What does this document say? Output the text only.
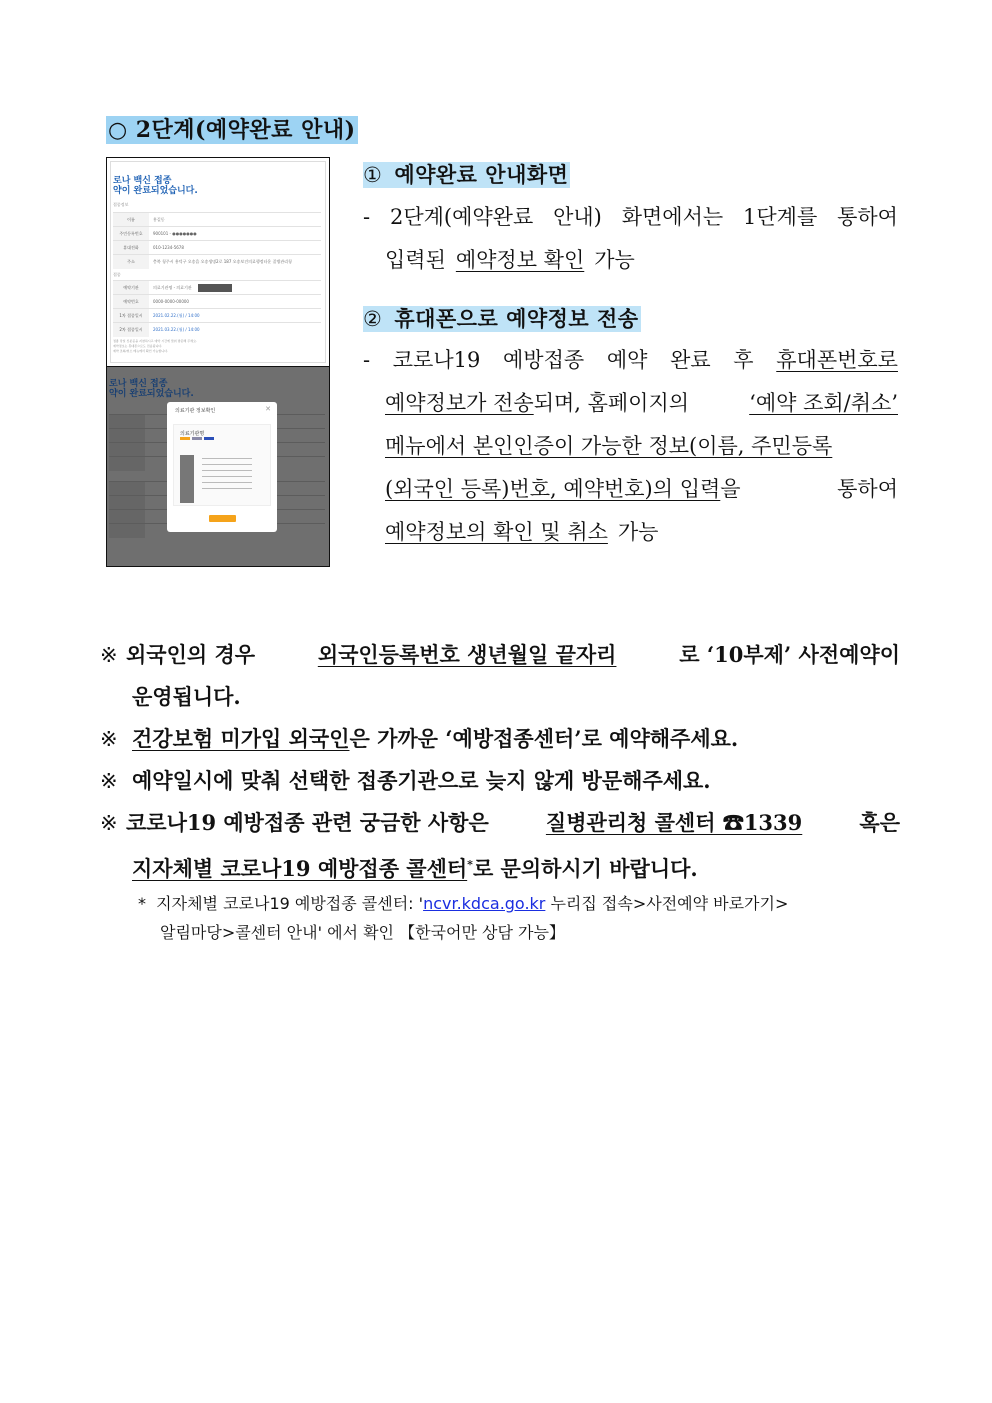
○ 2단계(예약완료 안내)
로나 백신 접종
약이 완료되었습니다.
접종정보
이름	홍길동
주민등록번호	900101 - ●●●●●●●
휴대전화	010-1234-5678
주소	충북 청주시 흥덕구 오송읍 오송생명2로 187 오송보건의료행정타운 질병관리청
접종
예약기관	의료기관명 - 의료기관
예약번호	0000-0000-00000
1차 접종일시	2021.02.22.(월) / 14:00
2차 접종일시	2021.03.22.(월) / 14:00
접종 당일 신분증을 지참하시고 예약 시간에 맞춰 방문해 주세요.
예약정보는 휴대폰으로도 전송됩니다.
예약 조회/취소 메뉴에서 확인 가능합니다.
로나 백신 접종
약이 완료되었습니다.
의료기관 정보확인	✕
의료기관명
① 예약완료 안내화면
- 2단계(예약완료 안내) 화면에서는 1단계를 통하여
입력된 예약정보 확인 가능
② 휴대폰으로 예약정보 전송
- 코로나19 예방접종 예약 완료 후 휴대폰번호로
예약정보가 전송되며, 홈페이지의	‘예약 조회/취소’
메뉴에서 본인인증이 가능한 정보(이름, 주민등록
(외국인 등록)번호, 예약번호)의 입력을	통하여
예약정보의 확인 및 취소 가능
※ 외국인의 경우	외국인등록번호 생년월일 끝자리	로 ‘10부제’ 사전예약이
운영됩니다.
※ 건강보험 미가입 외국인 은 가까운 ‘예방접종센터’로 예약해주세요.
※ 예약일시에 맞춰 선택한 접종기관으로 늦지 않게 방문해주세요.
※ 코로나19 예방접종 관련 궁금한 사항은	질병관리청 콜센터 ☎1339	혹은
지자체별 코로나19 예방접종 콜센터*로 문의하시기 바랍니다.
* 지자체별 코로나19 예방접종 콜센터: 'ncvr.kdca.go.kr 누리집 접속>사전예약 바로가기>
알림마당>콜센터 안내' 에서 확인 【한국어만 상담 가능】
